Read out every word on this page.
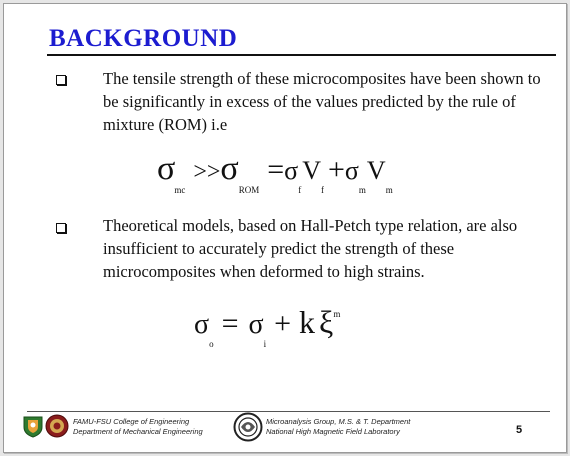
BACKGROUND
The tensile strength of these microcomposites have been shown to be significantly in excess of the values predicted by the rule of mixture (ROM) i.e
$\sigma_{mc} >>\sigma_{ROM} =\sigma_fV_f +\sigma_mV_m$
Theoretical models, based on Hall-Petch type relation, are also insufficient to accurately predict the strength of these microcomposites when deformed to high strains.
$\sigma_o = \sigma_i + k$ $\xi^m$
FAMU-FSU College of Engineering
Department of Mechanical Engineering
Microanalysis Group, M.S. & T. Department
National High Magnetic Field Laboratory	5
